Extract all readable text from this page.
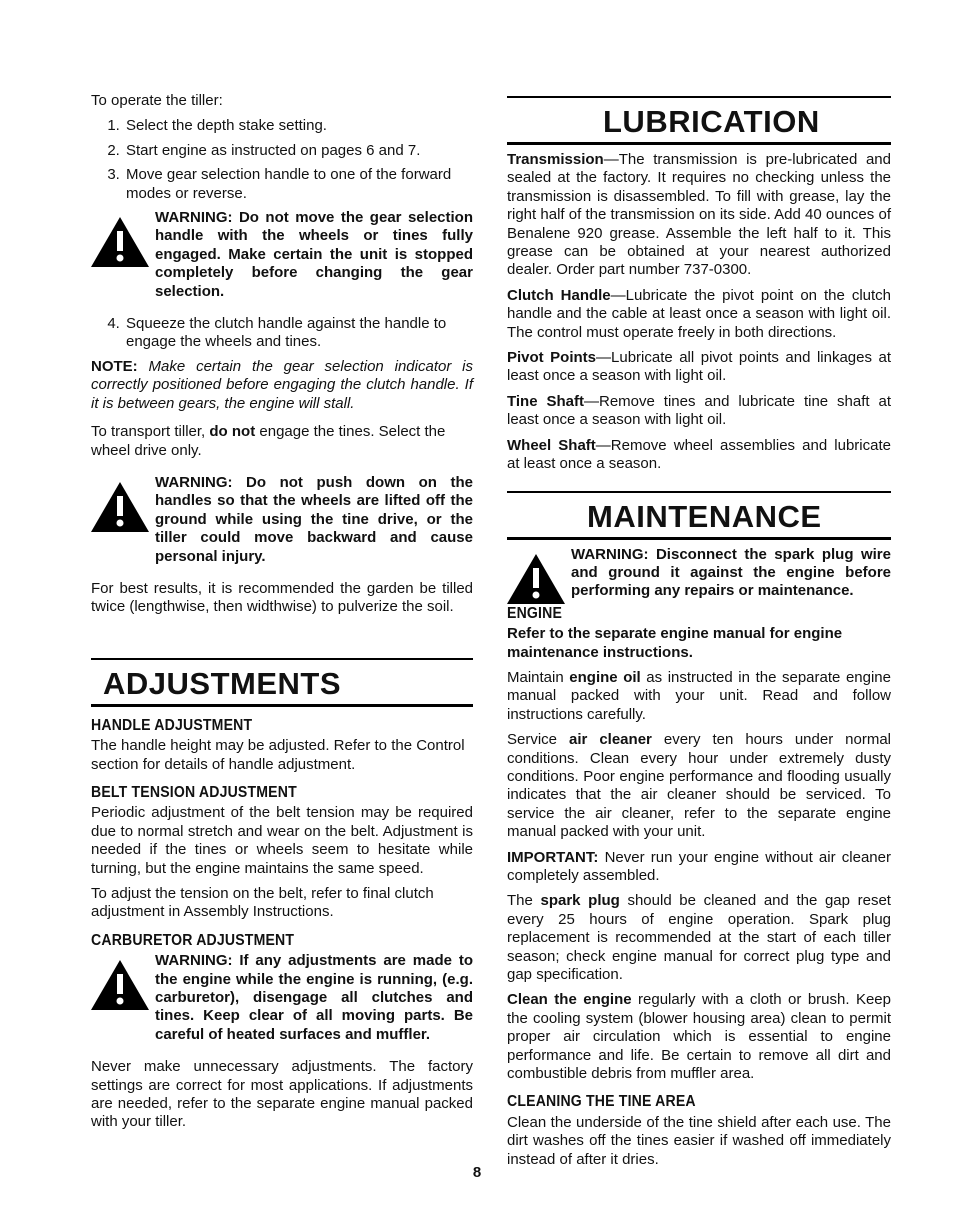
To operate the tiller:

1. Select the depth stake setting.
2. Start engine as instructed on pages 6 and 7.
3. Move gear selection handle to one of the forward modes or reverse.
WARNING: Do not move the gear selection handle with the wheels or tines fully engaged. Make certain the unit is stopped completely before changing the gear selection.
4. Squeeze the clutch handle against the handle to engage the wheels and tines.

NOTE: Make certain the gear selection indicator is correctly positioned before engaging the clutch handle. If it is between gears, the engine will stall.

To transport tiller, do not engage the tines. Select the wheel drive only.

WARNING: Do not push down on the handles so that the wheels are lifted off the ground while using the tine drive, or the tiller could move backward and cause personal injury.

For best results, it is recommended the garden be tilled twice (lengthwise, then widthwise) to pulverize the soil.

ADJUSTMENTS
HANDLE ADJUSTMENT

The handle height may be adjusted. Refer to the Control section for details of handle adjustment.

BELT TENSION ADJUSTMENT

Periodic adjustment of the belt tension may be required due to normal stretch and wear on the belt. Adjustment is needed if the tines or wheels seem to hesitate while turning, but the engine maintains the same speed.

To adjust the tension on the belt, refer to final clutch adjustment in Assembly Instructions.

CARBURETOR ADJUSTMENT
WARNING: If any adjustments are made to the engine while the engine is running, (e.g. carburetor), disengage all clutches and tines. Keep clear of all moving parts. Be careful of heated surfaces and muffler.

Never make unnecessary adjustments. The factory settings are correct for most applications. If adjustments are needed, refer to the separate engine manual packed with your tiller.

LUBRICATION

Transmission—The transmission is pre-lubricated and sealed at the factory. It requires no checking unless the transmission is disassembled. To fill with grease, lay the right half of the transmission on its side. Add 40 ounces of Benalene 920 grease. Assemble the left half to it. This grease can be obtained at your nearest authorized dealer. Order part number 737-0300.

Clutch Handle—Lubricate the pivot point on the clutch handle and the cable at least once a season with light oil. The control must operate freely in both directions.

Pivot Points—Lubricate all pivot points and linkages at least once a season with light oil.

Tine Shaft—Remove tines and lubricate tine shaft at least once a season with light oil.

Wheel Shaft—Remove wheel assemblies and lubricate at least once a season.

MAINTENANCE
WARNING: Disconnect the spark plug wire and ground it against the engine before performing any repairs or maintenance.
ENGINE

Refer to the separate engine manual for engine maintenance instructions.

Maintain engine oil as instructed in the separate engine manual packed with your unit. Read and follow instructions carefully.

Service air cleaner every ten hours under normal conditions. Clean every hour under extremely dusty conditions. Poor engine performance and flooding usually indicates that the air cleaner should be serviced. To service the air cleaner, refer to the separate engine manual packed with your unit.

IMPORTANT: Never run your engine without air cleaner completely assembled.

The spark plug should be cleaned and the gap reset every 25 hours of engine operation. Spark plug replacement is recommended at the start of each tiller season; check engine manual for correct plug type and gap specification.

Clean the engine regularly with a cloth or brush. Keep the cooling system (blower housing area) clean to permit proper air circulation which is essential to engine performance and life. Be certain to remove all dirt and combustible debris from muffler area.

CLEANING THE TINE AREA

Clean the underside of the tine shield after each use. The dirt washes off the tines easier if washed off immediately instead of after it dries.

8
